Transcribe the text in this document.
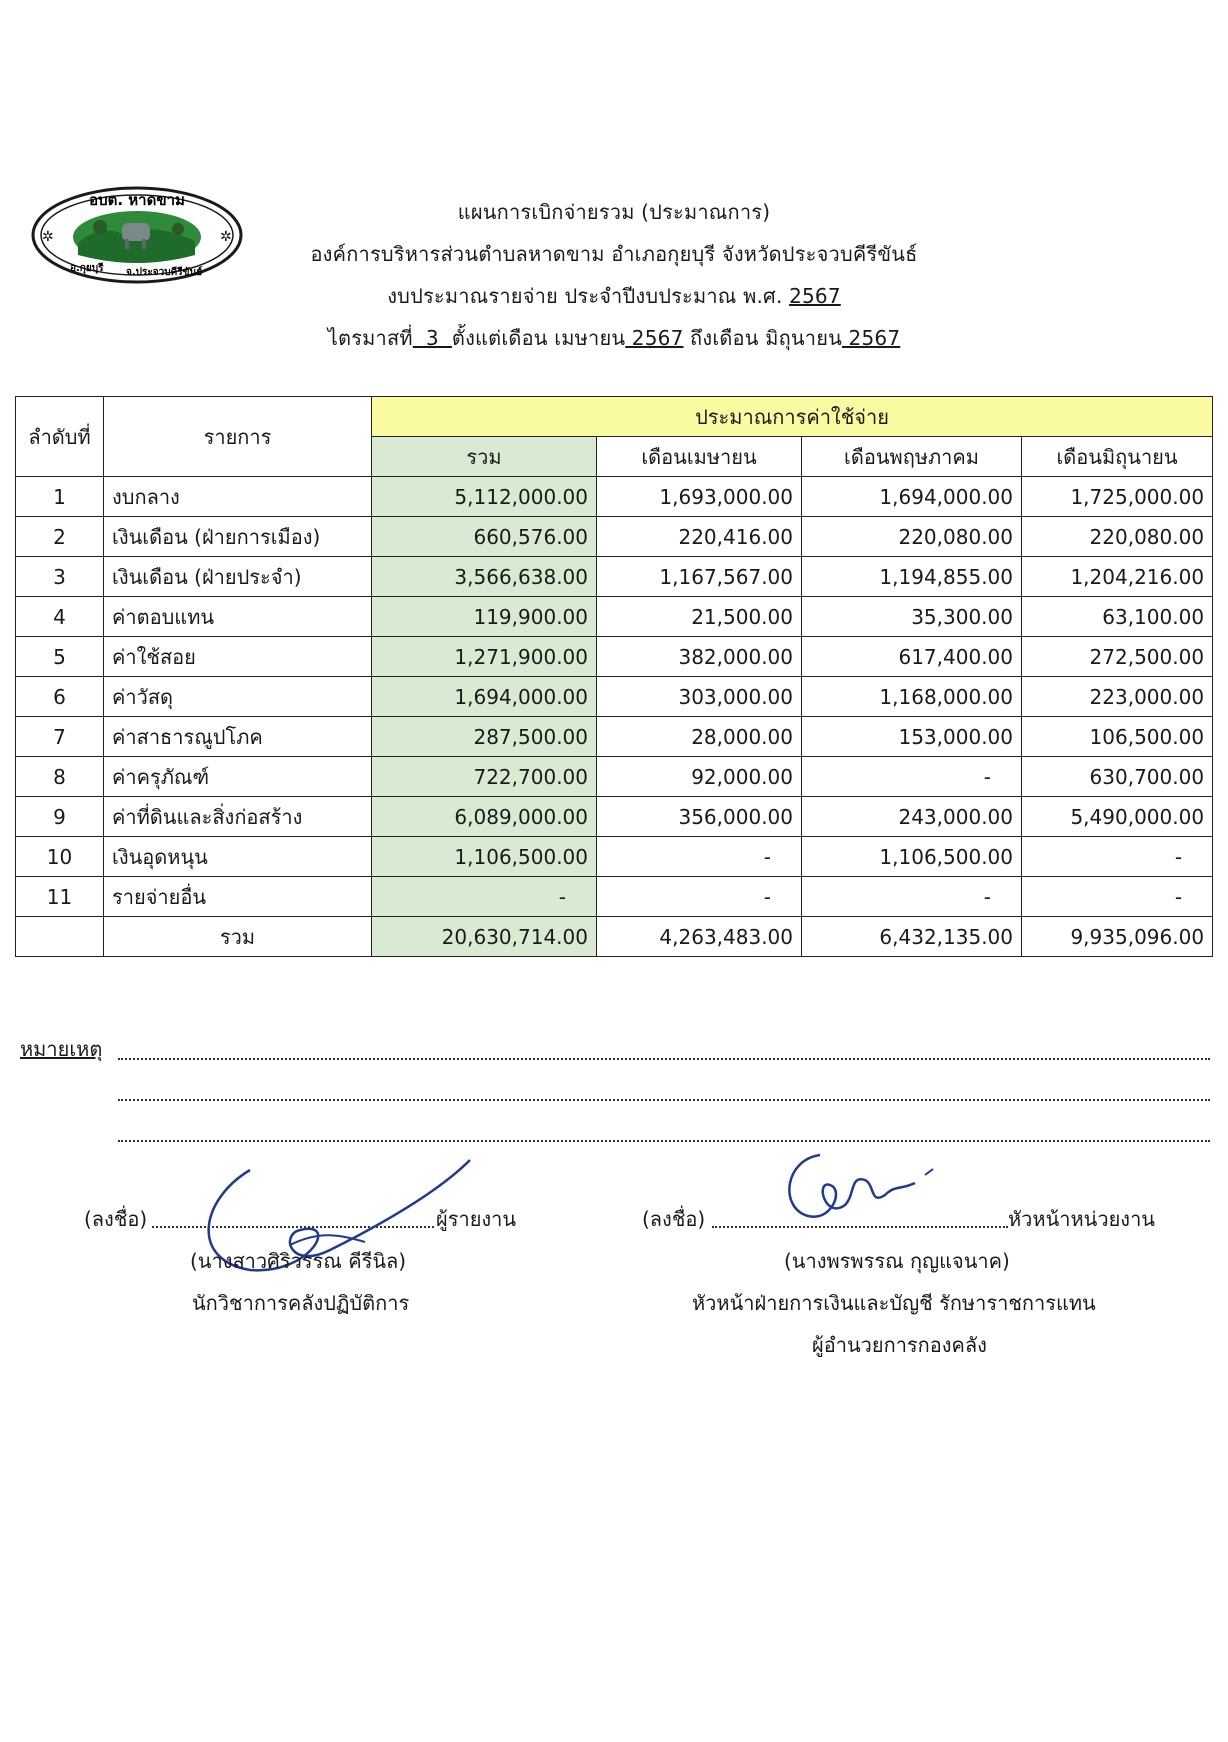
อบต. หาดขาม
อ.กุยบุรี จ.ประจวบคีรีขันธ์
✲	✲
แผนการเบิกจ่ายรวม (ประมาณการ)
องค์การบริหารส่วนตำบลหาดขาม อำเภอกุยบุรี จังหวัดประจวบคีรีขันธ์
งบประมาณรายจ่าย ประจำปีงบประมาณ พ.ศ. 2567
ไตรมาสที่  3  ตั้งแต่เดือน เมษายน 2567 ถึงเดือน มิถุนายน 2567
ลำดับที่	รายการ	ประมาณการค่าใช้จ่าย			
		รวม	เดือนเมษายน	เดือนพฤษภาคม	เดือนมิถุนายน
1	งบกลาง	5,112,000.00	1,693,000.00	1,694,000.00	1,725,000.00
2	เงินเดือน (ฝ่ายการเมือง)	660,576.00	220,416.00	220,080.00	220,080.00
3	เงินเดือน (ฝ่ายประจำ)	3,566,638.00	1,167,567.00	1,194,855.00	1,204,216.00
4	ค่าตอบแทน	119,900.00	21,500.00	35,300.00	63,100.00
5	ค่าใช้สอย	1,271,900.00	382,000.00	617,400.00	272,500.00
6	ค่าวัสดุ	1,694,000.00	303,000.00	1,168,000.00	223,000.00
7	ค่าสาธารณูปโภค	287,500.00	28,000.00	153,000.00	106,500.00
8	ค่าครุภัณฑ์	722,700.00	92,000.00	-	630,700.00
9	ค่าที่ดินและสิ่งก่อสร้าง	6,089,000.00	356,000.00	243,000.00	5,490,000.00
10	เงินอุดหนุน	1,106,500.00	-	1,106,500.00	-
11	รายจ่ายอื่น	-	-	-	-
	รวม	20,630,714.00	4,263,483.00	6,432,135.00	9,935,096.00
หมายเหตุ
(ลงชื่อ)	ผู้รายงาน
(นางสาวศิริวรรณ คีรีนิล)
นักวิชาการคลังปฏิบัติการ
(ลงชื่อ)	หัวหน้าหน่วยงาน
(นางพรพรรณ กุญแจนาค)
หัวหน้าฝ่ายการเงินและบัญชี รักษาราชการแทน
ผู้อำนวยการกองคลัง
